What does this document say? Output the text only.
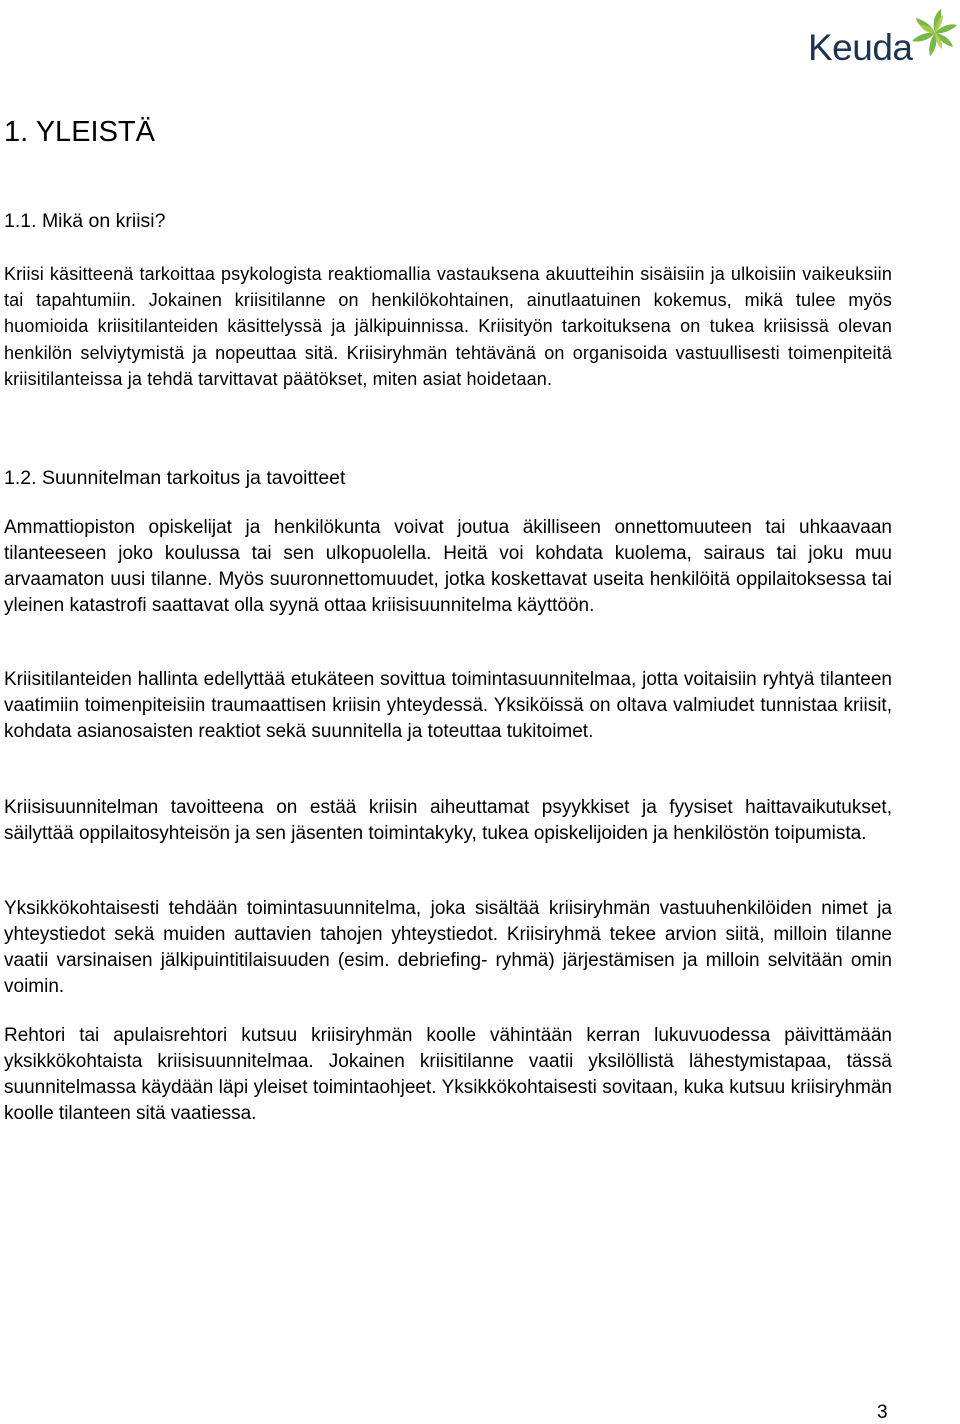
Keuda
1. YLEISTÄ
1.1. Mikä on kriisi?

Kriisi käsitteenä tarkoittaa psykologista reaktiomallia vastauksena akuutteihin sisäisiin ja ulkoisiin vaikeuksiin tai tapahtumiin. Jokainen kriisitilanne on henkilökohtainen, ainutlaatuinen kokemus, mikä tulee myös huomioida kriisitilanteiden käsittelyssä ja jälkipuinnissa. Kriisityön tarkoituksena on tukea kriisissä olevan henkilön selviytymistä ja nopeuttaa sitä. Kriisiryhmän tehtävänä on organisoida vastuullisesti toimenpiteitä kriisitilanteissa ja tehdä tarvittavat päätökset, miten asiat hoidetaan.

1.2. Suunnitelman tarkoitus ja tavoitteet

Ammattiopiston opiskelijat ja henkilökunta voivat joutua äkilliseen onnettomuuteen tai uhkaavaan tilanteeseen joko koulussa tai sen ulkopuolella. Heitä voi kohdata kuolema, sairaus tai joku muu arvaamaton uusi tilanne. Myös suuronnettomuudet, jotka koskettavat useita henkilöitä oppilaitoksessa tai yleinen katastrofi saattavat olla syynä ottaa kriisisuunnitelma käyttöön.

Kriisitilanteiden hallinta edellyttää etukäteen sovittua toimintasuunnitelmaa, jotta voitaisiin ryhtyä tilanteen vaatimiin toimenpiteisiin traumaattisen kriisin yhteydessä. Yksiköissä on oltava valmiudet tunnistaa kriisit, kohdata asianosaisten reaktiot sekä suunnitella ja toteuttaa tukitoimet.

Kriisisuunnitelman tavoitteena on estää kriisin aiheuttamat psyykkiset ja fyysiset haittavaikutukset, säilyttää oppilaitosyhteisön ja sen jäsenten toimintakyky, tukea opiskelijoiden ja henkilöstön toipumista.

Yksikkökohtaisesti tehdään toimintasuunnitelma, joka sisältää kriisiryhmän vastuuhenkilöiden nimet ja yhteystiedot sekä muiden auttavien tahojen yhteystiedot. Kriisiryhmä tekee arvion siitä, milloin tilanne vaatii varsinaisen jälkipuintitilaisuuden (esim. debriefing- ryhmä) järjestämisen ja milloin selvitään omin voimin.

Rehtori tai apulaisrehtori kutsuu kriisiryhmän koolle vähintään kerran lukuvuodessa päivittämään yksikkökohtaista kriisisuunnitelmaa. Jokainen kriisitilanne vaatii yksilöllistä lähestymistapaa, tässä suunnitelmassa käydään läpi yleiset toimintaohjeet. Yksikkökohtaisesti sovitaan, kuka kutsuu kriisiryhmän koolle tilanteen sitä vaatiessa.

3
